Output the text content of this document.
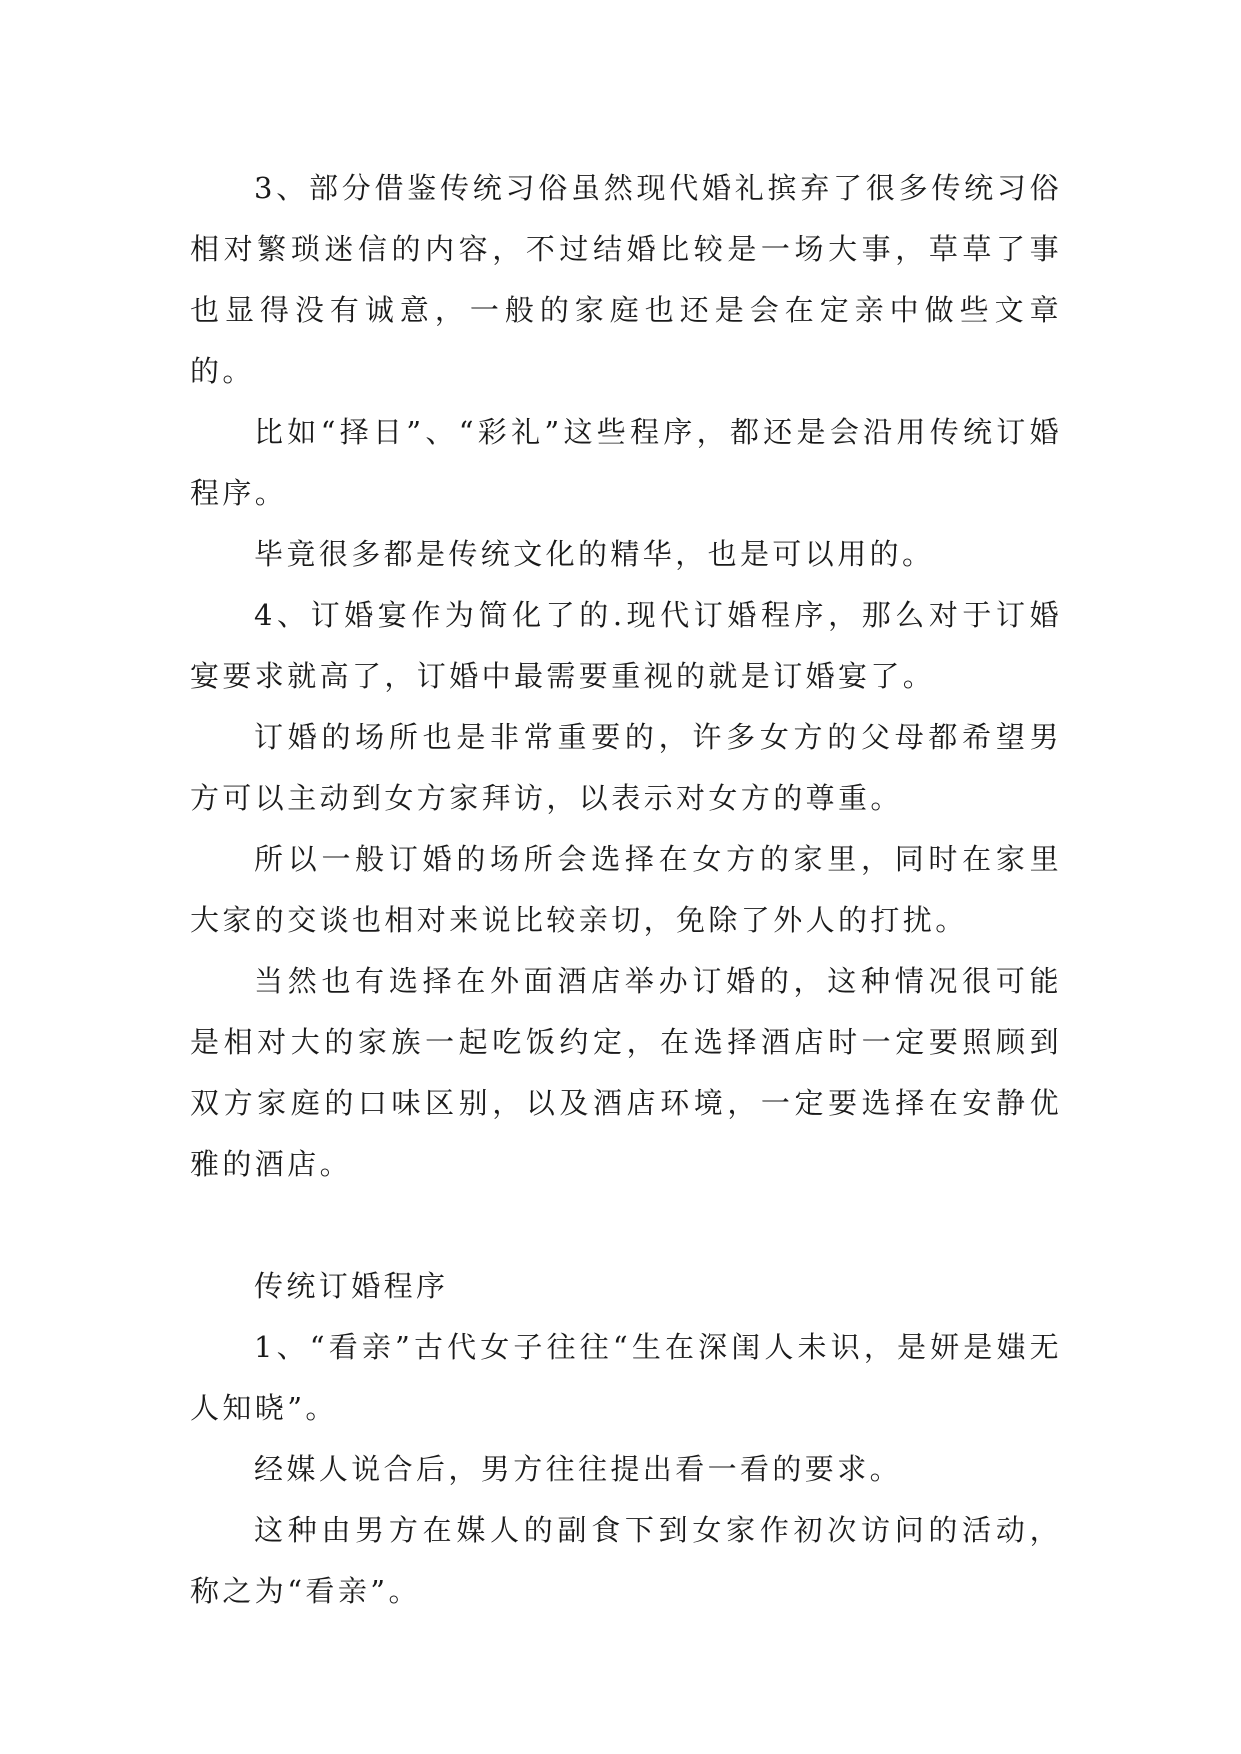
3、部分借鉴传统习俗虽然现代婚礼摈弃了很多传统习俗相对繁琐迷信的内容，不过结婚比较是一场大事，草草了事也显得没有诚意，一般的家庭也还是会在定亲中做些文章的。

比如“择日”、“彩礼”这些程序，都还是会沿用传统订婚程序。

毕竟很多都是传统文化的精华，也是可以用的。

4、订婚宴作为简化了的.现代订婚程序，那么对于订婚宴要求就高了，订婚中最需要重视的就是订婚宴了。

订婚的场所也是非常重要的，许多女方的父母都希望男方可以主动到女方家拜访，以表示对女方的尊重。

所以一般订婚的场所会选择在女方的家里，同时在家里大家的交谈也相对来说比较亲切，免除了外人的打扰。

当然也有选择在外面酒店举办订婚的，这种情况很可能是相对大的家族一起吃饭约定，在选择酒店时一定要照顾到双方家庭的口味区别，以及酒店环境，一定要选择在安静优雅的酒店。

传统订婚程序

1、“看亲”古代女子往往“生在深闺人未识，是妍是媸无人知晓”。

经媒人说合后，男方往往提出看一看的要求。

这种由男方在媒人的副食下到女家作初次访问的活动，称之为“看亲”。
